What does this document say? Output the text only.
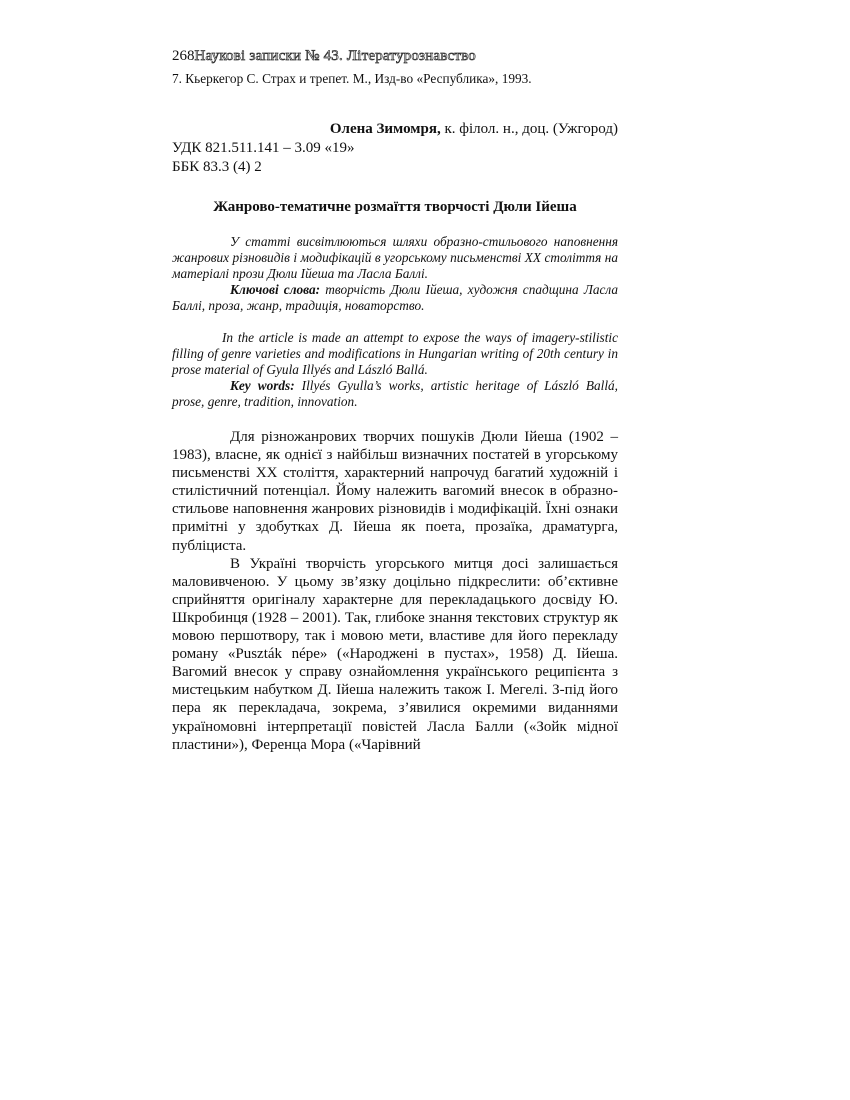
268 Наукові записки № 43. Літературознавство
7. Кьеркегор С. Страх и трепет. М., Изд-во «Республика», 1993.
Олена Зимомря, к. філол. н., доц. (Ужгород)
УДК 821.511.141 – 3.09 «19»
ББК 83.3 (4) 2
Жанрово-тематичне розмаїття творчості Дюли Ійеша

У статті висвітлюються шляхи образно-стильового наповнення жанрових різновидів і модифікацій в угорському письменстві ХХ століття на матеріалі прози Дюли Ійеша та Ласла Баллі.

Ключові слова: творчість Дюли Ійеша, художня спадщина Ласла Баллі, проза, жанр, традиція, новаторство.

In the article is made an attempt to expose the ways of imagery-stilistic filling of genre varieties and modifications in Hungarian writing of 20th century in prose material of Gyula Illyés and László Ballá.

Key words: Illyés Gyulla’s works, artistic heritage of László Ballá, prose, genre, tradition, innovation.

Для різножанрових творчих пошуків Дюли Ійеша (1902 – 1983), власне, як однієї з найбільш визначних постатей в угорському письменстві ХХ століття, характерний напрочуд багатий художній і стилістичний потенціал. Йому належить вагомий внесок в образно-стильове наповнення жанрових різновидів і модифікацій. Їхні ознаки примітні у здобутках Д. Ійеша як поета, прозаїка, драматурга, публіциста.

В Україні творчість угорського митця досі залишається маловивченою. У цьому зв’язку доцільно підкреслити: об’єктивне сприйняття оригіналу характерне для перекладацького досвіду Ю. Шкробинця (1928 – 2001). Так, глибоке знання текстових структур як мовою першотвору, так і мовою мети, властиве для його перекладу роману «Puszták népe» («Народжені в пустах», 1958) Д. Ійеша. Вагомий внесок у справу ознайомлення українського реципієнта з мистецьким набутком Д. Ійеша належить також І. Мегелі. З-під його пера як перекладача, зокрема, з’явилися окремими виданнями україномовні інтерпретації повістей Ласла Балли («Зойк мідної пластини»), Ференца Мора («Чарівний
